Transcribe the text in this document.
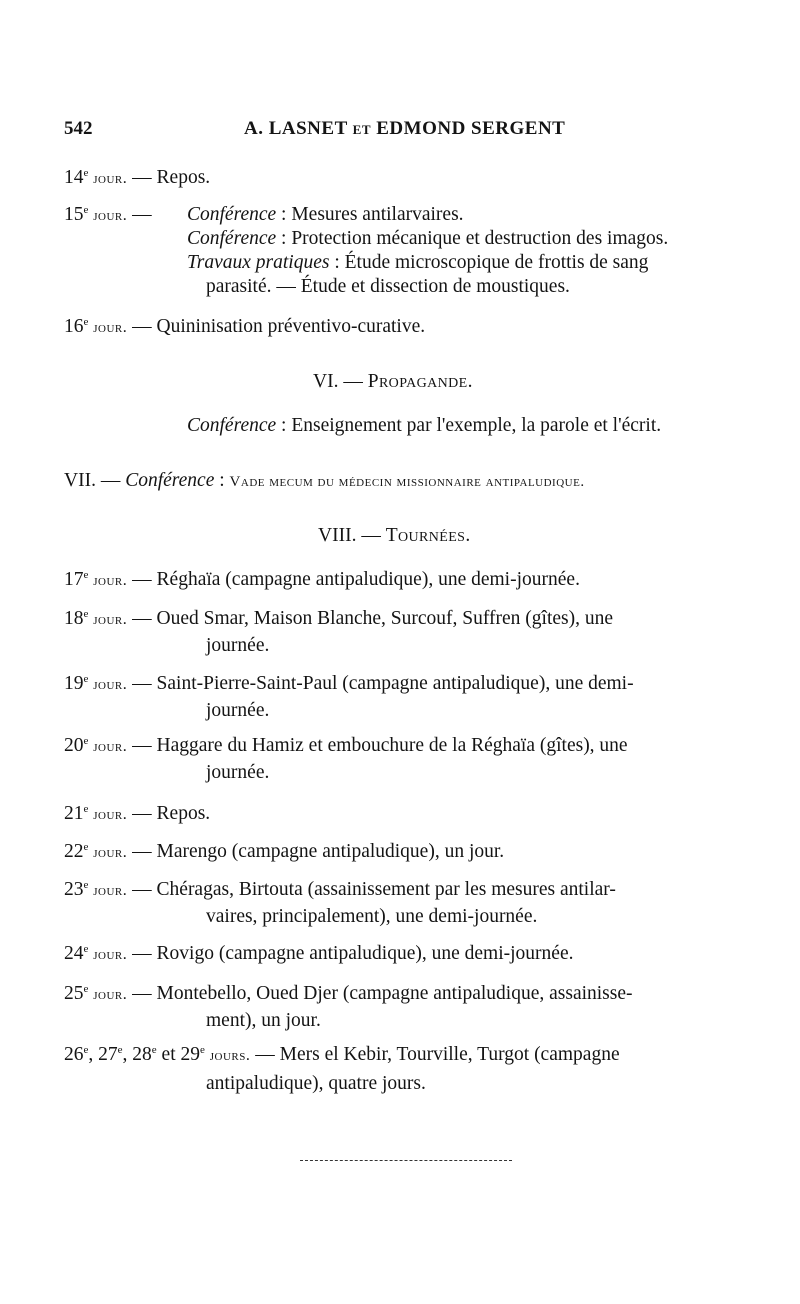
542	A. LASNET et EDMOND SERGENT
14e jour. — Repos.
15e jour. — Conférence : Mesures antilarvaires.
Conférence : Protection mécanique et destruction des imagos.
Travaux pratiques : Étude microscopique de frottis de sang
parasité. — Étude et dissection de moustiques.
16e jour. — Quininisation préventivo-curative.
VI. — Propagande.
Conférence : Enseignement par l'exemple, la parole et l'écrit.
VII. — Conférence : Vade mecum du médecin missionnaire antipaludique.
VIII. — Tournées.
17e jour. — Réghaïa (campagne antipaludique), une demi-journée.
18e jour. — Oued Smar, Maison Blanche, Surcouf, Suffren (gîtes), une
journée.
19e jour. — Saint-Pierre-Saint-Paul (campagne antipaludique), une demi-
journée.
20e jour. — Haggare du Hamiz et embouchure de la Réghaïa (gîtes), une
journée.
21e jour. — Repos.
22e jour. — Marengo (campagne antipaludique), un jour.
23e jour. — Chéragas, Birtouta (assainissement par les mesures antilar-
vaires, principalement), une demi-journée.
24e jour. — Rovigo (campagne antipaludique), une demi-journée.
25e jour. — Montebello, Oued Djer (campagne antipaludique, assainisse-
ment), un jour.
26e, 27e, 28e et 29e jours. — Mers el Kebir, Tourville, Turgot (campagne
antipaludique), quatre jours.
